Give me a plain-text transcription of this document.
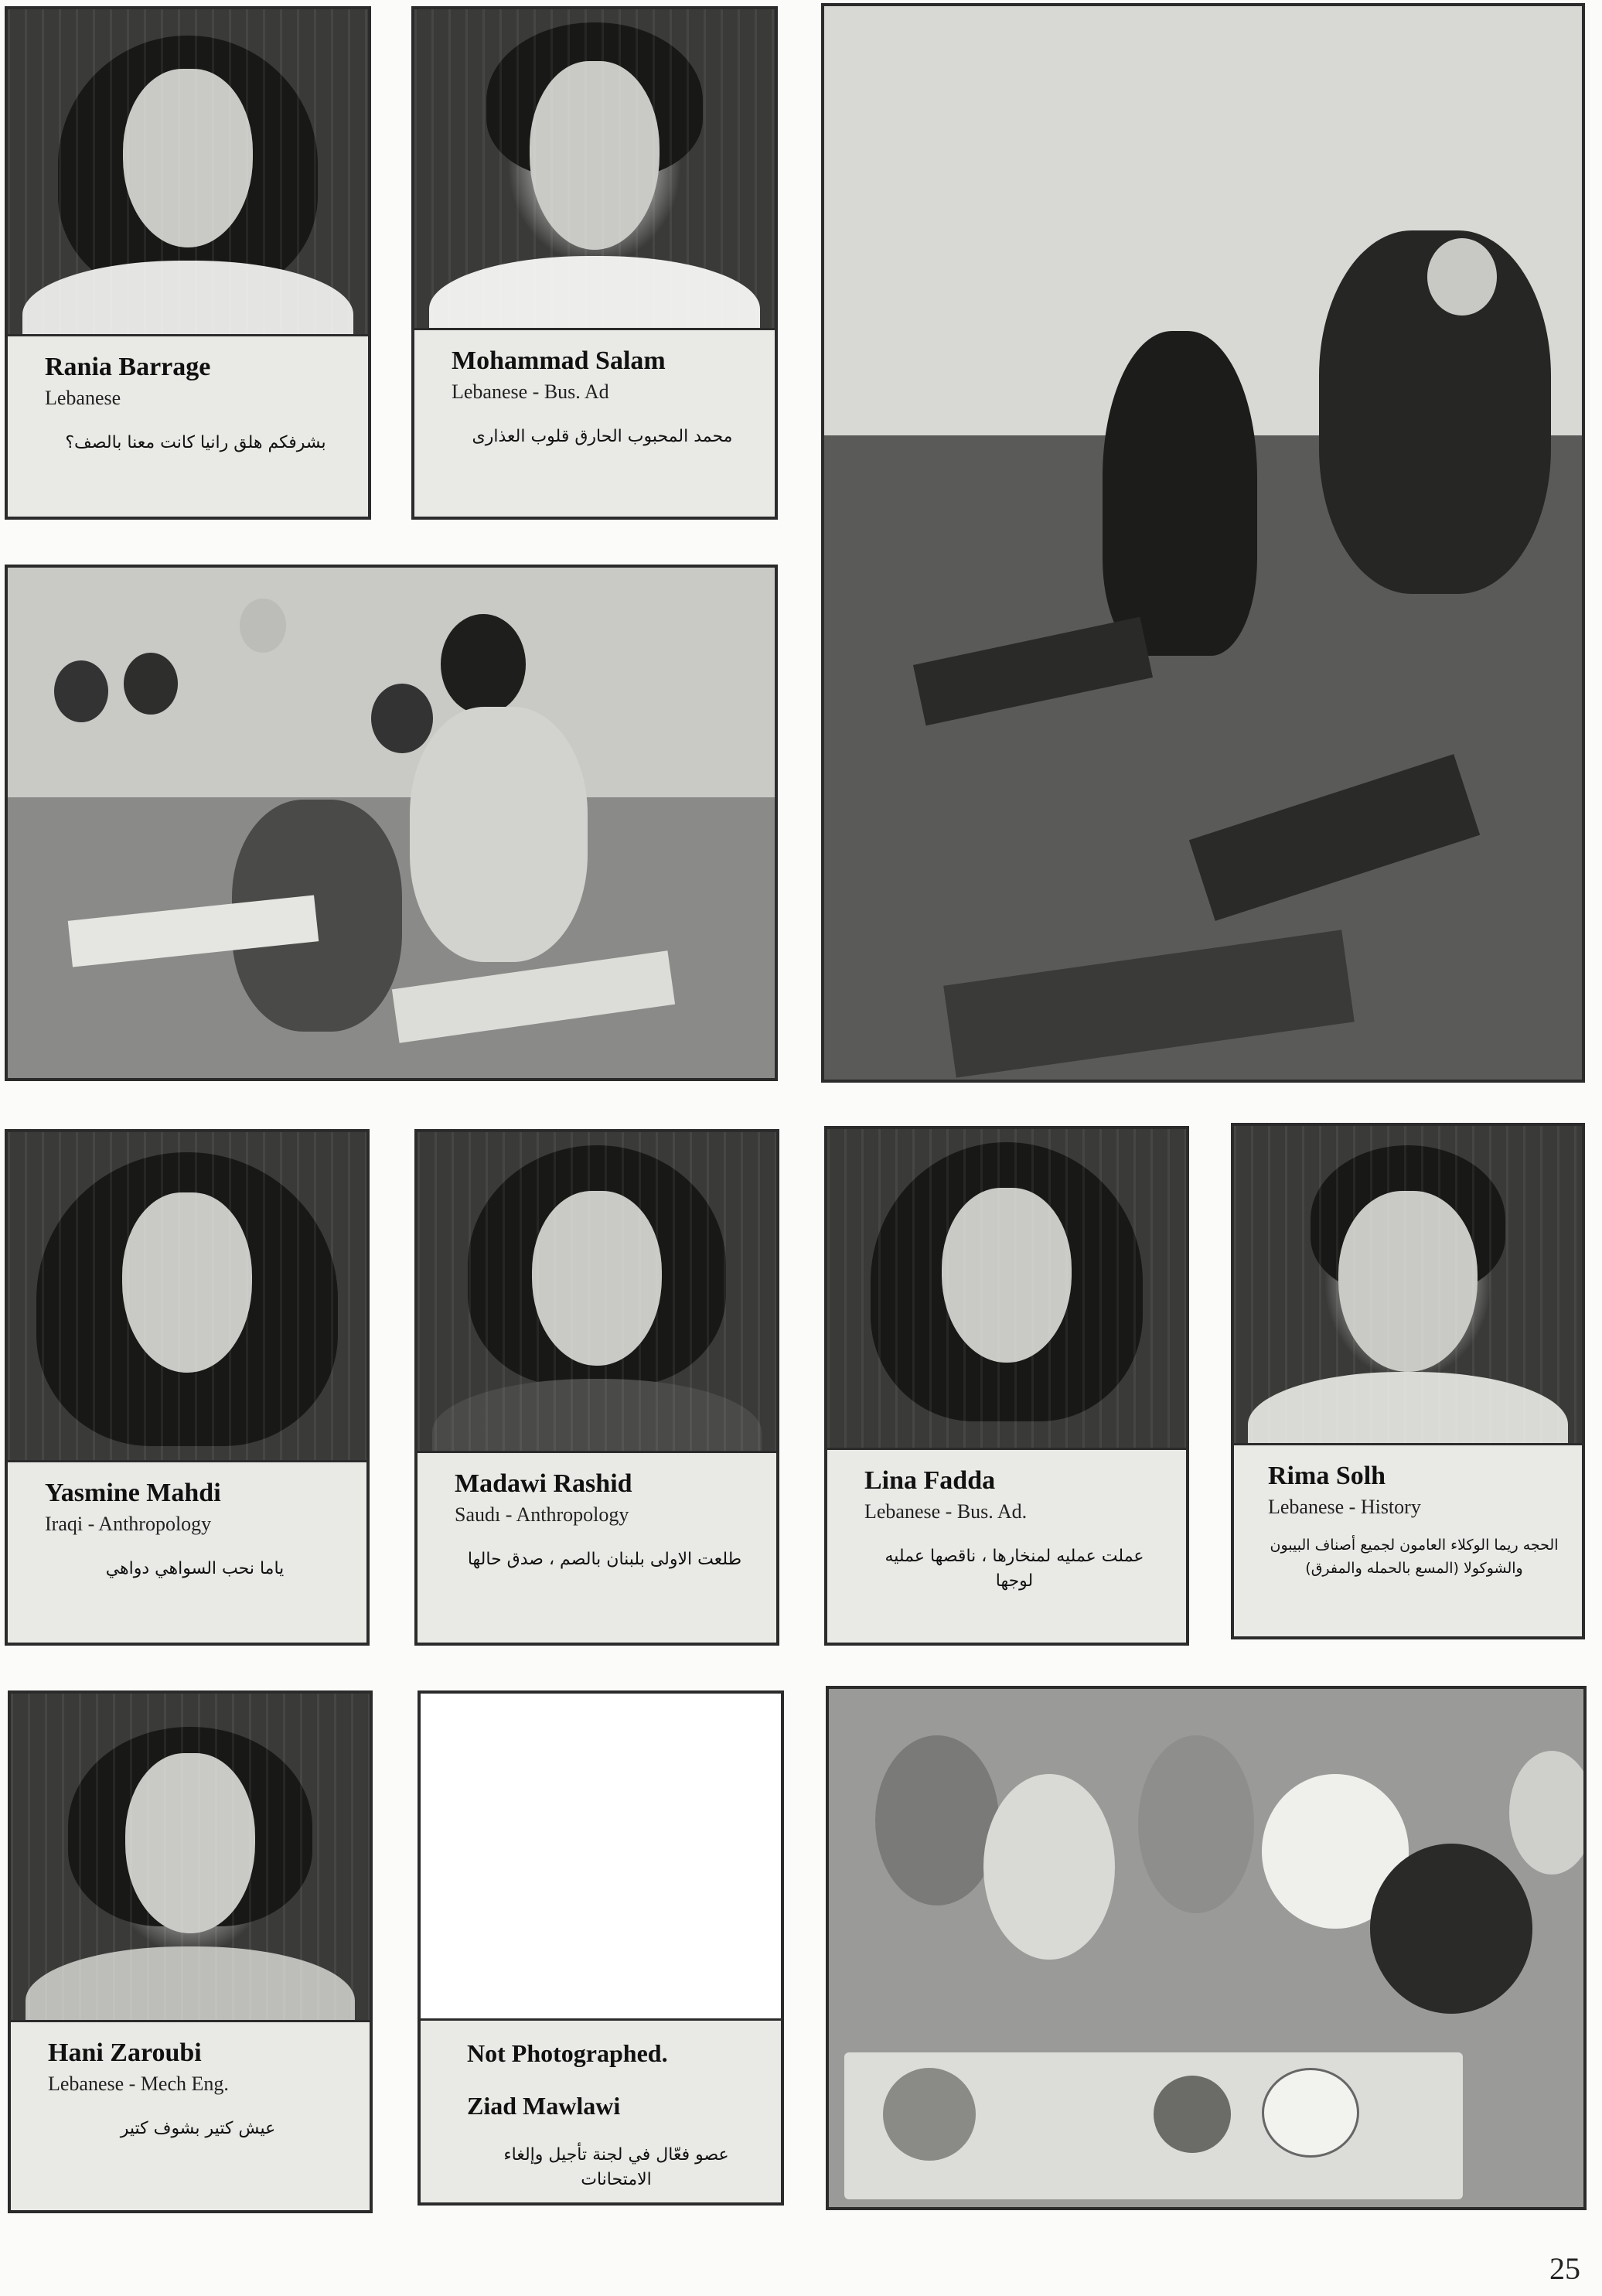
Rania Barrage
Lebanese
بشرفكم هلق رانيا كانت معنا بالصف؟
Mohammad Salam
Lebanese - Bus. Ad
محمد المحبوب الحارق قلوب العذارى
Yasmine Mahdi
Iraqi - Anthropology
ياما نحب السواهي دواهي
Madawi Rashid
Saudı - Anthropology
طلعت الاولى بلبنان بالصم ، صدق حالها
Lina Fadda
Lebanese - Bus. Ad.
عملت عمليه لمنخارها ، ناقصها عمليه لوجها
Rima Solh
Lebanese - History
الحجه ريما الوكلاء العامون لجميع أصناف البيبون والشوكولا (المسع بالحمله والمفرق)
Hani Zaroubi
Lebanese - Mech Eng.
عيش كتير بشوف كتير
Not Photographed.
Ziad Mawlawi
عصو فعّال في لجنة تأجيل وإلغاء الامتحانات
25
